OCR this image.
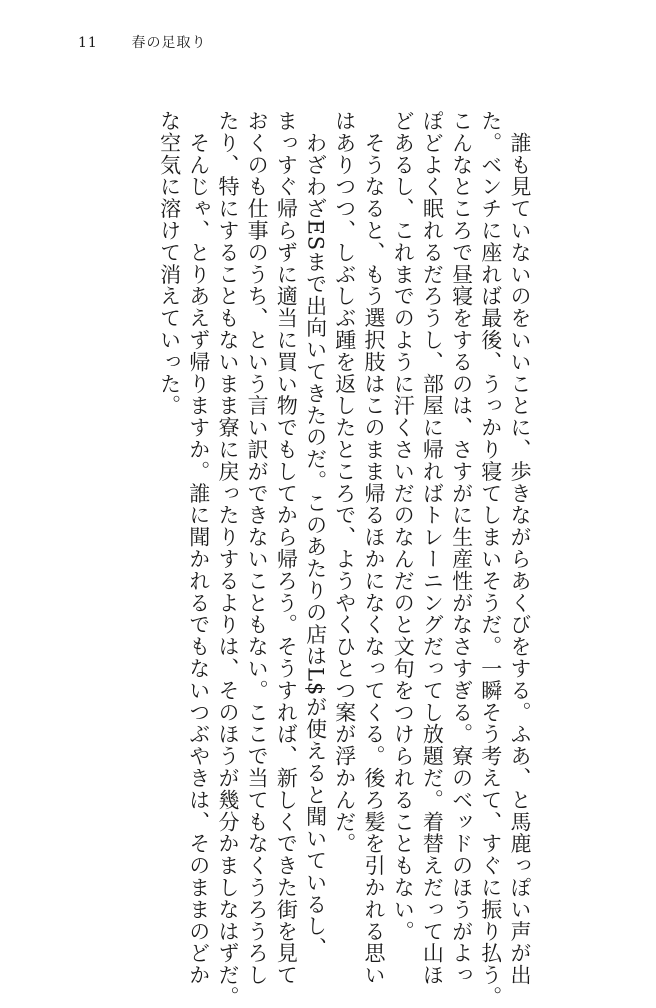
11 春の足取り
　誰も見ていないのをいいことに、歩きながらあくびをする。ふあ、と馬鹿っぽい声が出
た。ベンチに座れば最後、うっかり寝てしまいそうだ。一瞬そう考えて、すぐに振り払う。
こんなところで昼寝をするのは、さすがに生産性がなさすぎる。寮のベッドのほうがよっ
ぽどよく眠れるだろうし、部屋に帰ればトレーニングだってし放題だ。着替えだって山ほ
どあるし、これまでのように汗くさいだのなんだのと文句をつけられることもない。
　そうなると、もう選択肢はこのまま帰るほかになくなってくる。後ろ髪を引かれる思い
はありつつ、しぶしぶ踵を返したところで、ようやくひとつ案が浮かんだ。
　わざわざESまで出向いてきたのだ。このあたりの店はL$が使えると聞いているし、
まっすぐ帰らずに適当に買い物でもしてから帰ろう。そうすれば、新しくできた街を見て
おくのも仕事のうち、という言い訳ができないこともない。ここで当てもなくうろうろし
たり、特にすることもないまま寮に戻ったりするよりは、そのほうが幾分かましなはずだ。
　そんじゃ、とりあえず帰りますか。誰に聞かれるでもないつぶやきは、そのままのどか
な空気に溶けて消えていった。
